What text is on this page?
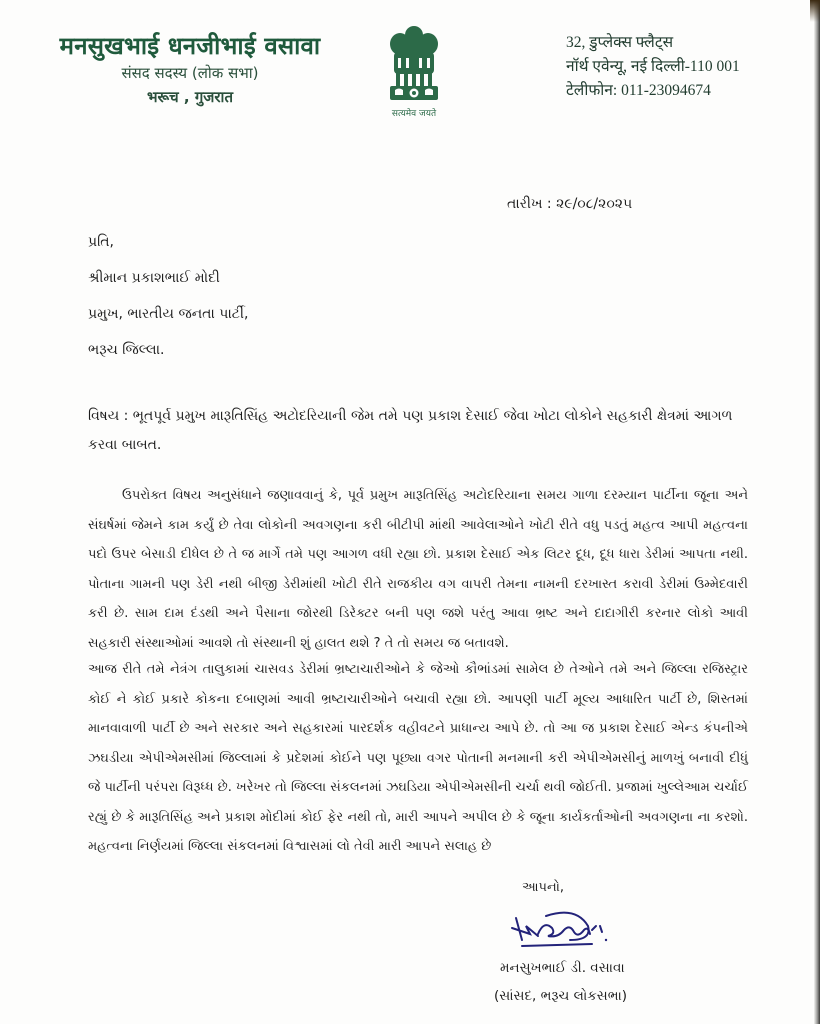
मनसुखभाई धनजीभाई वसावा
संसद सदस्य (लोक सभा)
भरूच , गुजरात
सत्यमेव जयते
32, डुप्लेक्स फ्लैट्स
नॉर्थ एवेन्यू, नई दिल्ली-110 001
टेलीफोन: 011-23094674
તારીખ : ૨૯/૦૮/૨૦૨૫
પ્રતિ,
શ્રીમાન પ્રકાશભાઈ મોદી
પ્રમુખ, ભારતીય જનતા પાર્ટી,
ભરૂચ જિલ્લા.
વિષય : ભૂતપૂર્વ પ્રમુખ મારૂતિસિંહ અટોદરિયાની જેમ તમે પણ પ્રકાશ દેસાઈ જેવા ખોટા લોકોને સહકારી ક્ષેત્રમાં આગળ કરવા બાબત.
ઉપરોક્ત વિષય અનુસંધાને જણાવવાનું કે, પૂર્વ પ્રમુખ મારૂતિસિંહ અટોદરિયાના સમય ગાળા દરમ્યાન પાર્ટીના જૂના અને સંઘર્ષમાં જેમને કામ કર્યું છે તેવા લોકોની અવગણના કરી બીટીપી માંથી આવેલાઓને ખોટી રીતે વધુ પડતું મહત્વ આપી મહત્વના પદો ઉપર બેસાડી દીધેલ છે તે જ માર્ગે તમે પણ આગળ વધી રહ્યા છો. પ્રકાશ દેસાઈ એક લિટર દૂધ, દૂધ ધારા ડેરીમાં આપતા નથી. પોતાના ગામની પણ ડેરી નથી બીજી ડેરીમાંથી ખોટી રીતે રાજકીય વગ વાપરી તેમના નામની દરખાસ્ત કરાવી ડેરીમાં ઉમ્મેદવારી કરી છે. સામ દામ દંડથી અને પૈસાના જોરથી ડિરેક્ટર બની પણ જશે પરંતુ આવા ભ્રષ્ટ અને દાદાગીરી કરનાર લોકો આવી સહકારી સંસ્થાઓમાં આવશે તો સંસ્થાની શું હાલત થશે ? તે તો સમય જ બતાવશે.
આજ રીતે તમે નેત્રંગ તાલુકામાં ચાસવડ ડેરીમાં ભ્રષ્ટાચારીઓને કે જેઓ કૌભાંડમાં સામેલ છે તેઓને તમે અને જિલ્લા રજિસ્ટ્રાર કોઈ ને કોઈ પ્રકારે કોકના દબાણમાં આવી ભ્રષ્ટાચારીઓને બચાવી રહ્યા છો. આપણી પાર્ટી મૂલ્ય આધારિત પાર્ટી છે, શિસ્તમાં માનવાવાળી પાર્ટી છે અને સરકાર અને સહકારમાં પારદર્શક વહીવટને પ્રાધાન્ય આપે છે. તો આ જ પ્રકાશ દેસાઈ એન્ડ કંપનીએ ઝઘડીયા એપીએમસીમાં જિલ્લામાં કે પ્રદેશમાં કોઈને પણ પૂછ્યા વગર પોતાની મનમાની કરી એપીએમસીનું માળખું બનાવી દીધું જે પાર્ટીની પરંપરા વિરૂધ્ધ છે. ખરેખર તો જિલ્લા સંકલનમાં ઝઘડિયા એપીએમસીની ચર્ચા થવી જોઈતી. પ્રજામાં ખુલ્લેઆમ ચર્ચાઈ રહ્યું છે કે મારૂતિસિંહ અને પ્રકાશ મોદીમાં કોઈ ફેર નથી તો, મારી આપને અપીલ છે કે જૂના કાર્યકર્તાઓની અવગણના ના કરશો. મહત્વના નિર્ણયમાં જિલ્લા સંકલનમાં વિશ્વાસમાં લો તેવી મારી આપને સલાહ છે
આપનો,
મનસુખભાઈ ડી. વસાવા
(સાંસદ, ભરૂચ લોકસભા)
